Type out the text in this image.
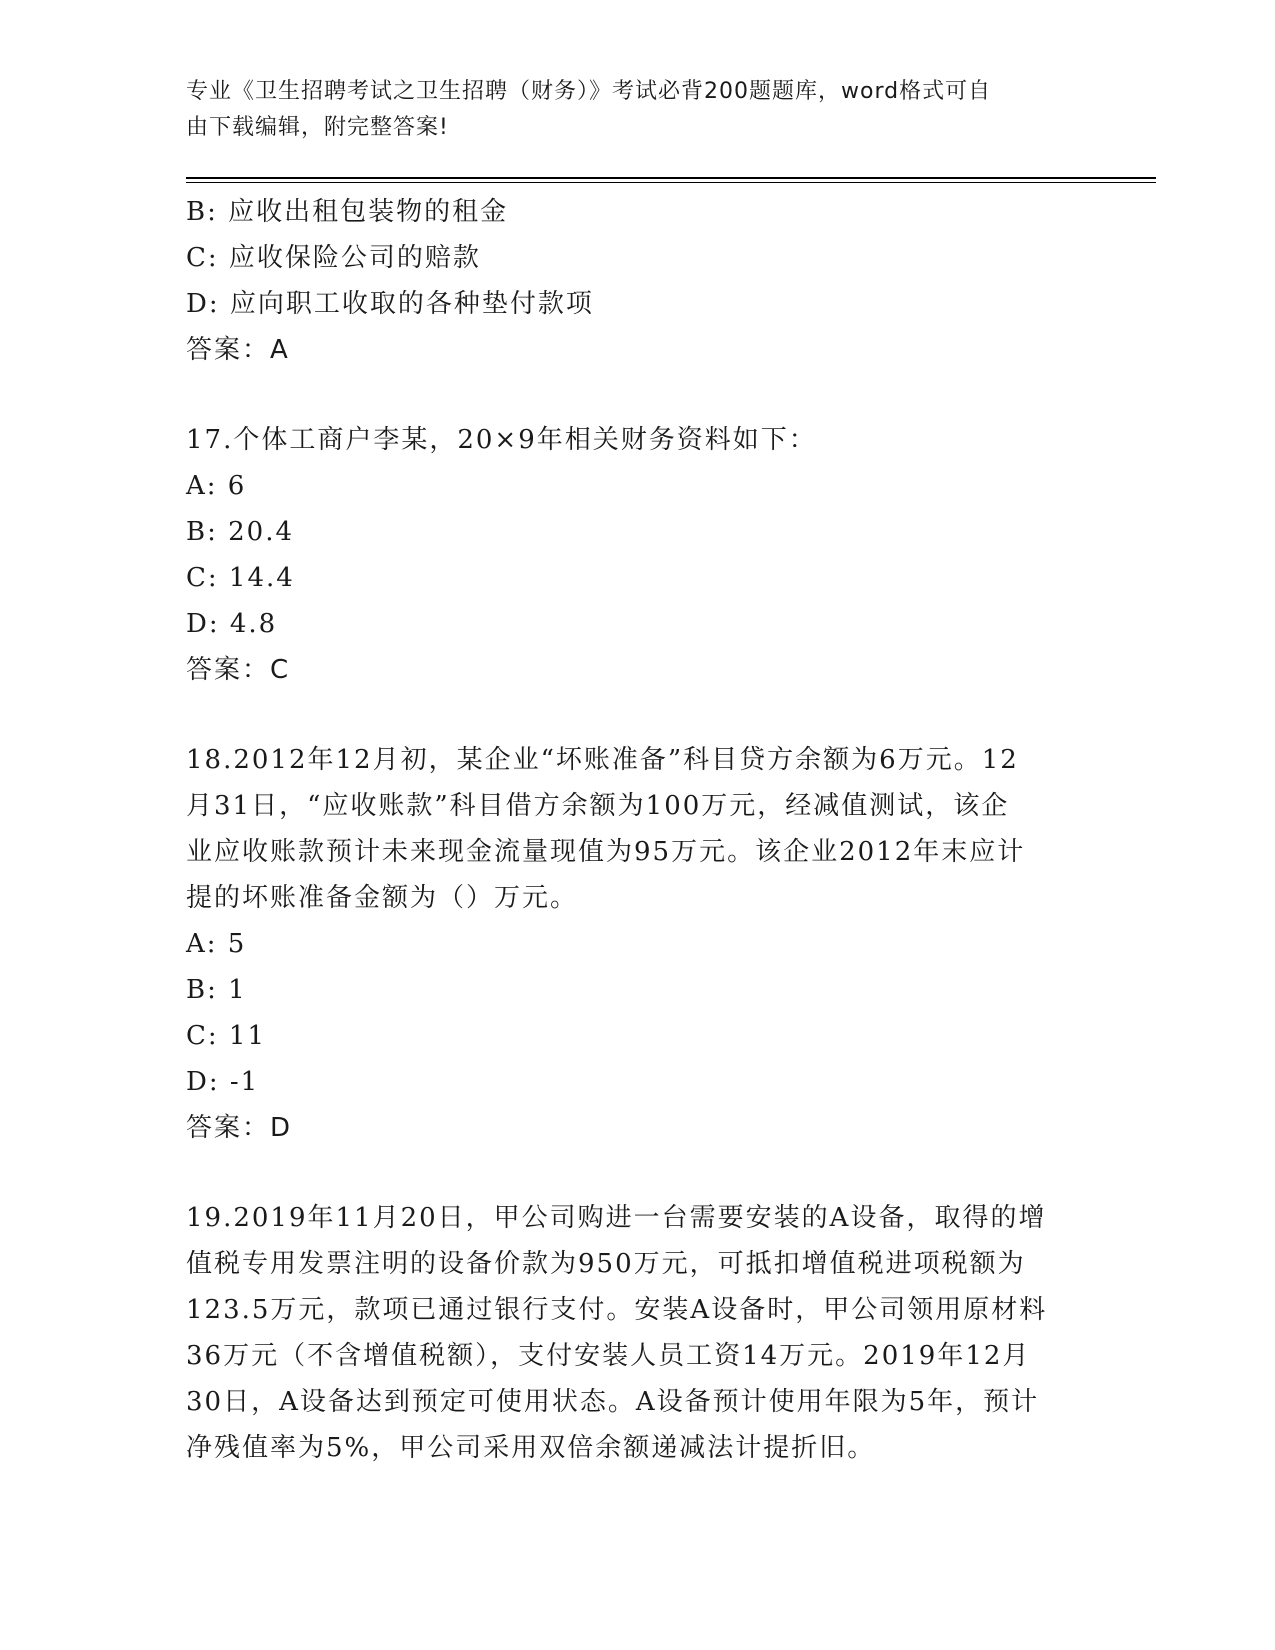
专业《卫生招聘考试之卫生招聘（财务）》考试必背200题题库，word格式可自
由下载编辑，附完整答案!
B: 应收出租包装物的租金
C: 应收保险公司的赔款
D: 应向职工收取的各种垫付款项
答案：A
17.个体工商户李某，20×9年相关财务资料如下：
A: 6
B: 20.4
C: 14.4
D: 4.8
答案：C
18.2012年12月初，某企业“坏账准备”科目贷方余额为6万元。12
月31日，“应收账款”科目借方余额为100万元，经减值测试，该企
业应收账款预计未来现金流量现值为95万元。该企业2012年末应计
提的坏账准备金额为（）万元。
A: 5
B: 1
C: 11
D: -1
答案：D
19.2019年11月20日，甲公司购进一台需要安装的A设备，取得的增
值税专用发票注明的设备价款为950万元，可抵扣增值税进项税额为
123.5万元，款项已通过银行支付。安装A设备时，甲公司领用原材料
36万元（不含增值税额），支付安装人员工资14万元。2019年12月
30日，A设备达到预定可使用状态。A设备预计使用年限为5年，预计
净残值率为5%，甲公司采用双倍余额递减法计提折旧。
